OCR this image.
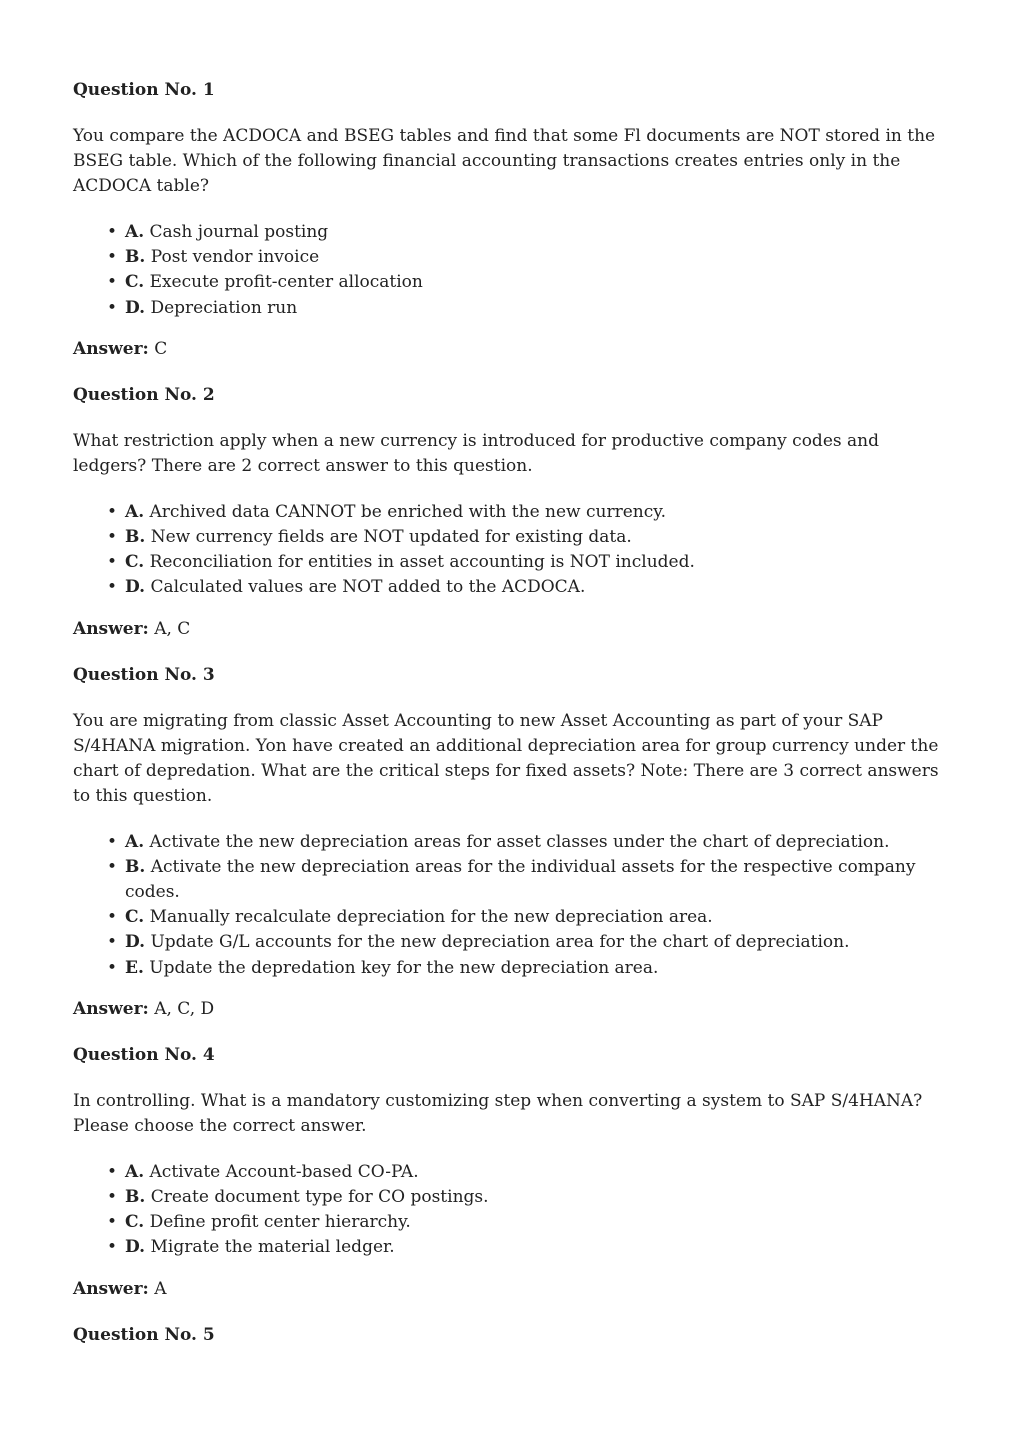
Question No. 1
You compare the ACDOCA and BSEG tables and find that some Fl documents are NOT stored in the BSEG table. Which of the following financial accounting transactions creates entries only in the ACDOCA table?
• A. Cash journal posting
• B. Post vendor invoice
• C. Execute profit-center allocation
• D. Depreciation run
Answer: C
Question No. 2
What restriction apply when a new currency is introduced for productive company codes and ledgers? There are 2 correct answer to this question.
• A. Archived data CANNOT be enriched with the new currency.
• B. New currency fields are NOT updated for existing data.
• C. Reconciliation for entities in asset accounting is NOT included.
• D. Calculated values are NOT added to the ACDOCA.
Answer: A, C
Question No. 3
You are migrating from classic Asset Accounting to new Asset Accounting as part of your SAP S/4HANA migration. Yon have created an additional depreciation area for group currency under the chart of depredation. What are the critical steps for fixed assets? Note: There are 3 correct answers to this question.
• A. Activate the new depreciation areas for asset classes under the chart of depreciation.
• B. Activate the new depreciation areas for the individual assets for the respective company codes.
• C. Manually recalculate depreciation for the new depreciation area.
• D. Update G/L accounts for the new depreciation area for the chart of depreciation.
• E. Update the depredation key for the new depreciation area.
Answer: A, C, D
Question No. 4
In controlling. What is a mandatory customizing step when converting a system to SAP S/4HANA? Please choose the correct answer.
• A. Activate Account-based CO-PA.
• B. Create document type for CO postings.
• C. Define profit center hierarchy.
• D. Migrate the material ledger.
Answer: A
Question No. 5
